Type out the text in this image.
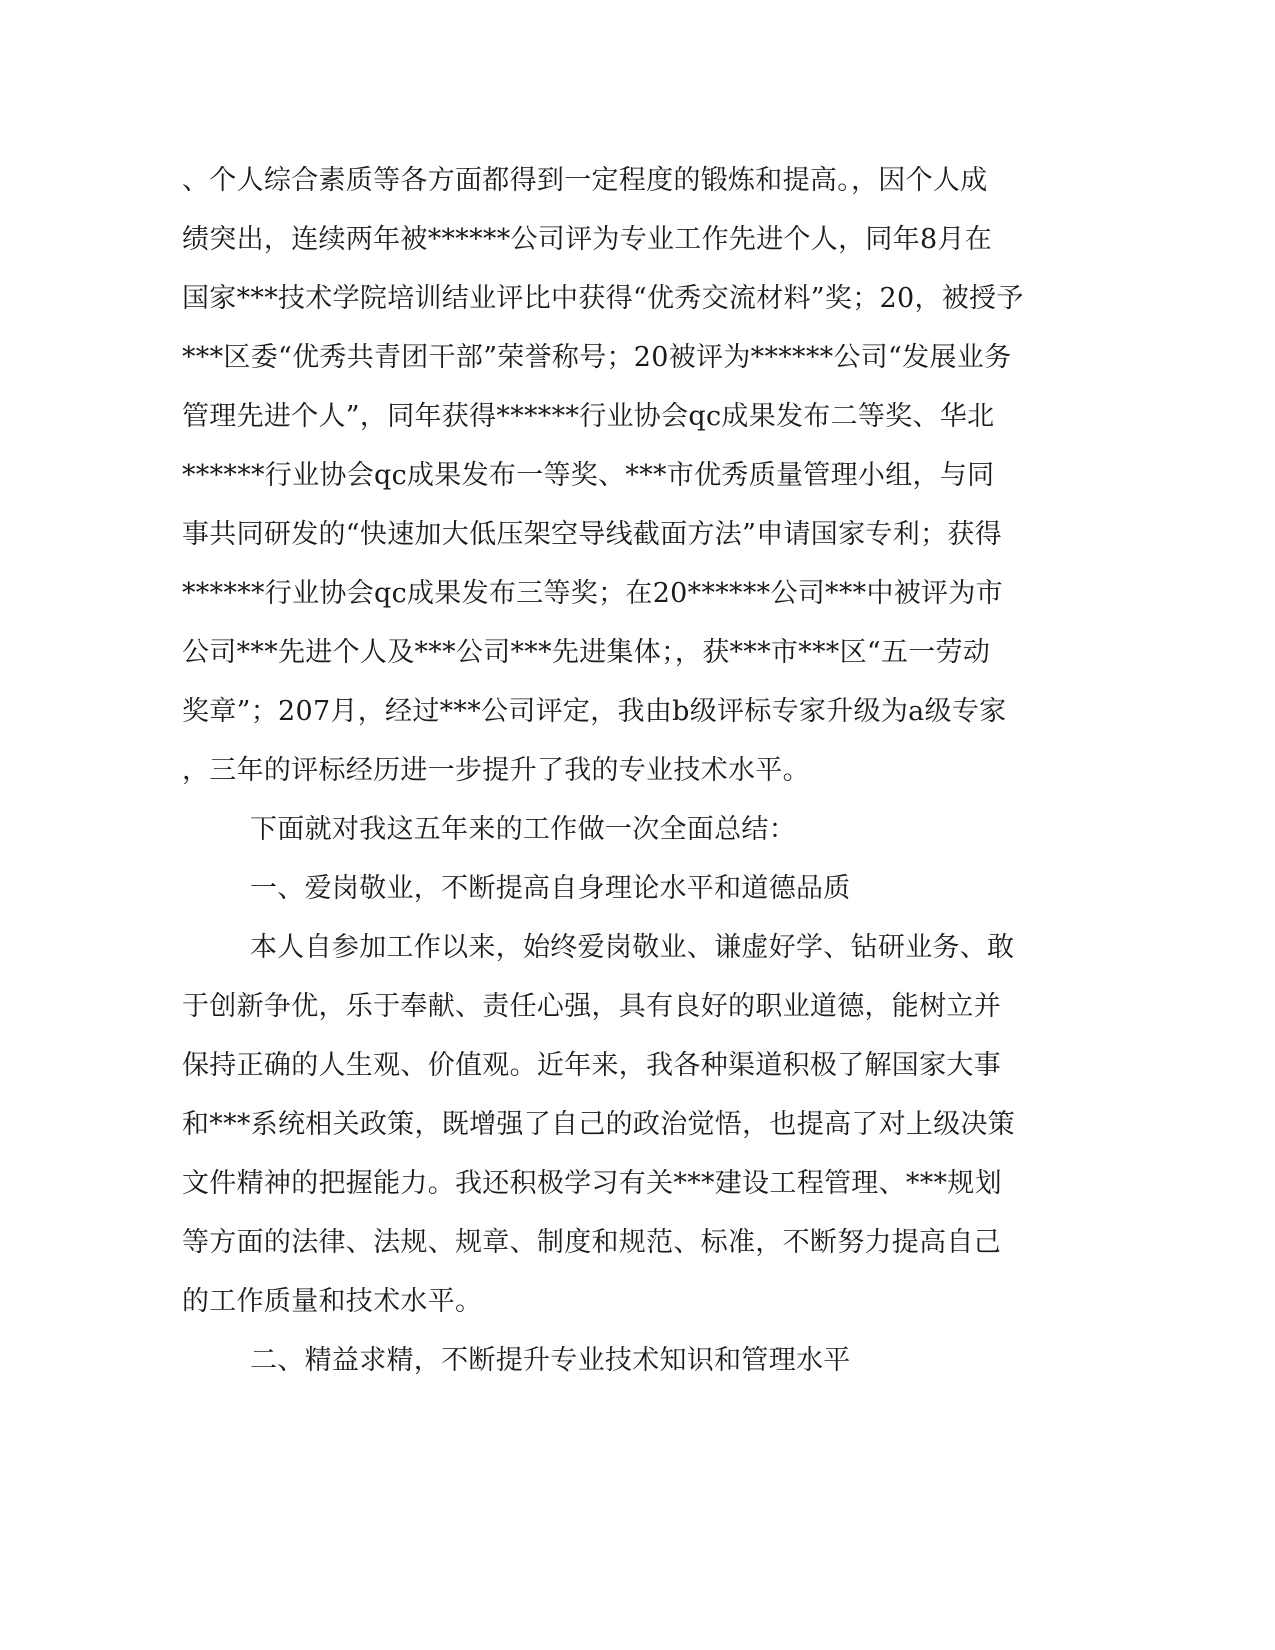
、个人综合素质等各方面都得到一定程度的锻炼和提高。，因个人成
绩突出，连续两年被******公司评为专业工作先进个人，同年8月在
国家***技术学院培训结业评比中获得“优秀交流材料”奖；20，被授予
***区委“优秀共青团干部”荣誉称号；20被评为******公司“发展业务
管理先进个人”，同年获得******行业协会qc成果发布二等奖、华北
******行业协会qc成果发布一等奖、***市优秀质量管理小组，与同
事共同研发的“快速加大低压架空导线截面方法”申请国家专利；获得
******行业协会qc成果发布三等奖；在20******公司***中被评为市
公司***先进个人及***公司***先进集体；，获***市***区“五一劳动
奖章”；207月，经过***公司评定，我由b级评标专家升级为a级专家
，三年的评标经历进一步提升了我的专业技术水平。
下面就对我这五年来的工作做一次全面总结：
一、爱岗敬业，不断提高自身理论水平和道德品质
本人自参加工作以来，始终爱岗敬业、谦虚好学、钻研业务、敢
于创新争优，乐于奉献、责任心强，具有良好的职业道德，能树立并
保持正确的人生观、价值观。近年来，我各种渠道积极了解国家大事
和***系统相关政策，既增强了自己的政治觉悟，也提高了对上级决策
文件精神的把握能力。我还积极学习有关***建设工程管理、***规划
等方面的法律、法规、规章、制度和规范、标准，不断努力提高自己
的工作质量和技术水平。
二、精益求精，不断提升专业技术知识和管理水平
